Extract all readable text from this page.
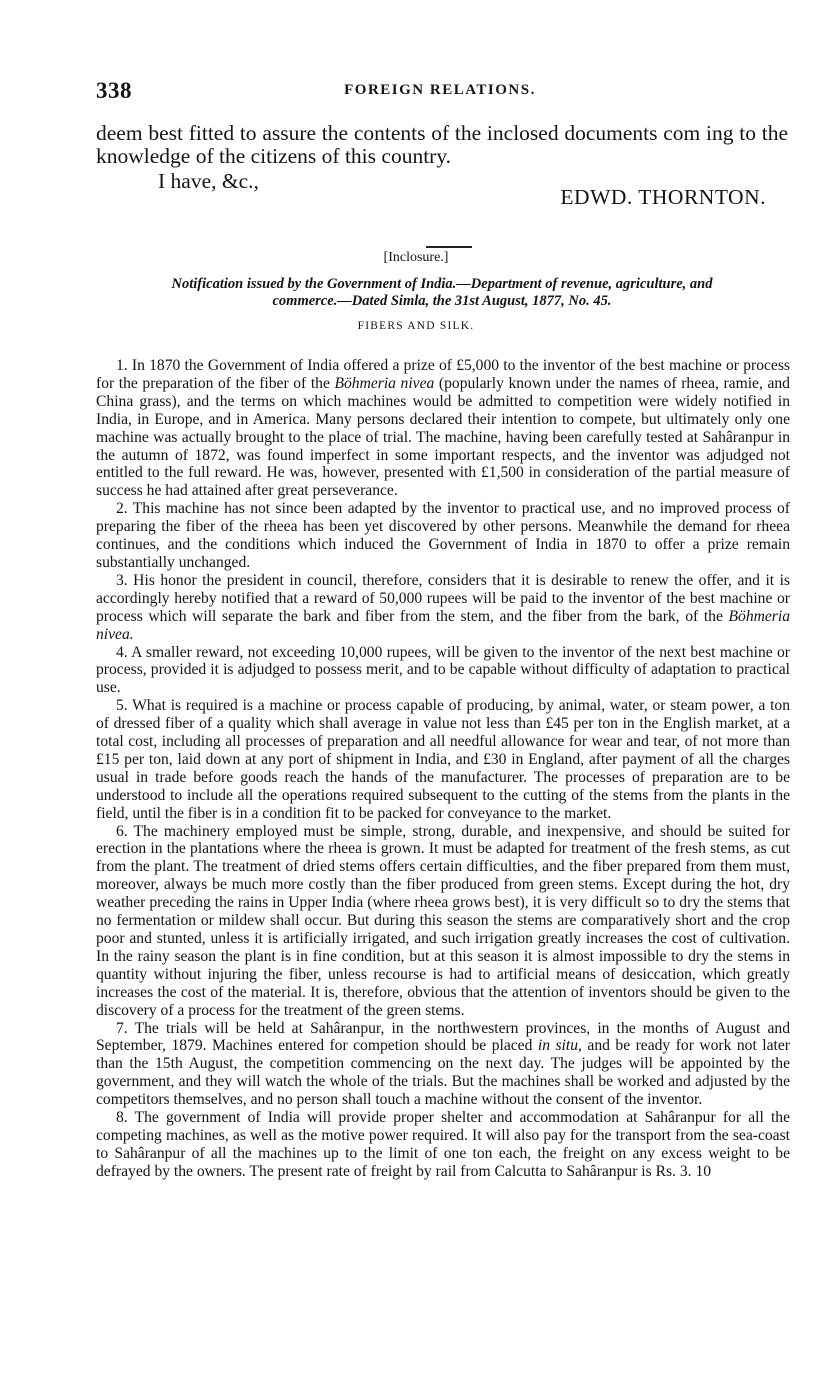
338	FOREIGN RELATIONS.
deem best fitted to assure the contents of the inclosed documents com ing to the knowledge of the citizens of this country.
I have, &c.,
EDWD. THORNTON.
[Inclosure.]
Notification issued by the Government of India.—Department of revenue, agriculture, and
commerce.—Dated Simla, the 31st August, 1877, No. 45.
FIBERS AND SILK.

1. In 1870 the Government of India offered a prize of £5,000 to the inventor of the best machine or process for the preparation of the fiber of the Böhmeria nivea (popularly known under the names of rheea, ramie, and China grass), and the terms on which machines would be admitted to competition were widely notified in India, in Europe, and in America. Many persons declared their intention to compete, but ultimately only one machine was actually brought to the place of trial. The machine, having been carefully tested at Sahâranpur in the autumn of 1872, was found imperfect in some important respects, and the inventor was adjudged not entitled to the full reward. He was, however, presented with £1,500 in consideration of the partial measure of success he had attained after great perseverance.

2. This machine has not since been adapted by the inventor to practical use, and no improved process of preparing the fiber of the rheea has been yet discovered by other persons. Meanwhile the demand for rheea continues, and the conditions which induced the Government of India in 1870 to offer a prize remain substantially unchanged.

3. His honor the president in council, therefore, considers that it is desirable to renew the offer, and it is accordingly hereby notified that a reward of 50,000 rupees will be paid to the inventor of the best machine or process which will separate the bark and fiber from the stem, and the fiber from the bark, of the Böhmeria nivea.

4. A smaller reward, not exceeding 10,000 rupees, will be given to the inventor of the next best machine or process, provided it is adjudged to possess merit, and to be capable without difficulty of adaptation to practical use.

5. What is required is a machine or process capable of producing, by animal, water, or steam power, a ton of dressed fiber of a quality which shall average in value not less than £45 per ton in the English market, at a total cost, including all processes of preparation and all needful allowance for wear and tear, of not more than £15 per ton, laid down at any port of shipment in India, and £30 in England, after payment of all the charges usual in trade before goods reach the hands of the manufacturer. The processes of preparation are to be understood to include all the operations required subsequent to the cutting of the stems from the plants in the field, until the fiber is in a condition fit to be packed for conveyance to the market.

6. The machinery employed must be simple, strong, durable, and inexpensive, and should be suited for erection in the plantations where the rheea is grown. It must be adapted for treatment of the fresh stems, as cut from the plant. The treatment of dried stems offers certain difficulties, and the fiber prepared from them must, moreover, always be much more costly than the fiber produced from green stems. Except during the hot, dry weather preceding the rains in Upper India (where rheea grows best), it is very difficult so to dry the stems that no fermentation or mildew shall occur. But during this season the stems are comparatively short and the crop poor and stunted, unless it is artificially irrigated, and such irrigation greatly increases the cost of cultivation. In the rainy season the plant is in fine condition, but at this season it is almost impossible to dry the stems in quantity without injuring the fiber, unless recourse is had to artificial means of desiccation, which greatly increases the cost of the material. It is, therefore, obvious that the attention of inventors should be given to the discovery of a process for the treatment of the green stems.

7. The trials will be held at Sahâranpur, in the northwestern provinces, in the months of August and September, 1879. Machines entered for competion should be placed in situ, and be ready for work not later than the 15th August, the competition commencing on the next day. The judges will be appointed by the government, and they will watch the whole of the trials. But the machines shall be worked and adjusted by the competitors themselves, and no person shall touch a machine without the consent of the inventor.

8. The government of India will provide proper shelter and accommodation at Sahâranpur for all the competing machines, as well as the motive power required. It will also pay for the transport from the sea-coast to Sahâranpur of all the machines up to the limit of one ton each, the freight on any excess weight to be defrayed by the owners. The present rate of freight by rail from Calcutta to Sahâranpur is Rs. 3. 10
